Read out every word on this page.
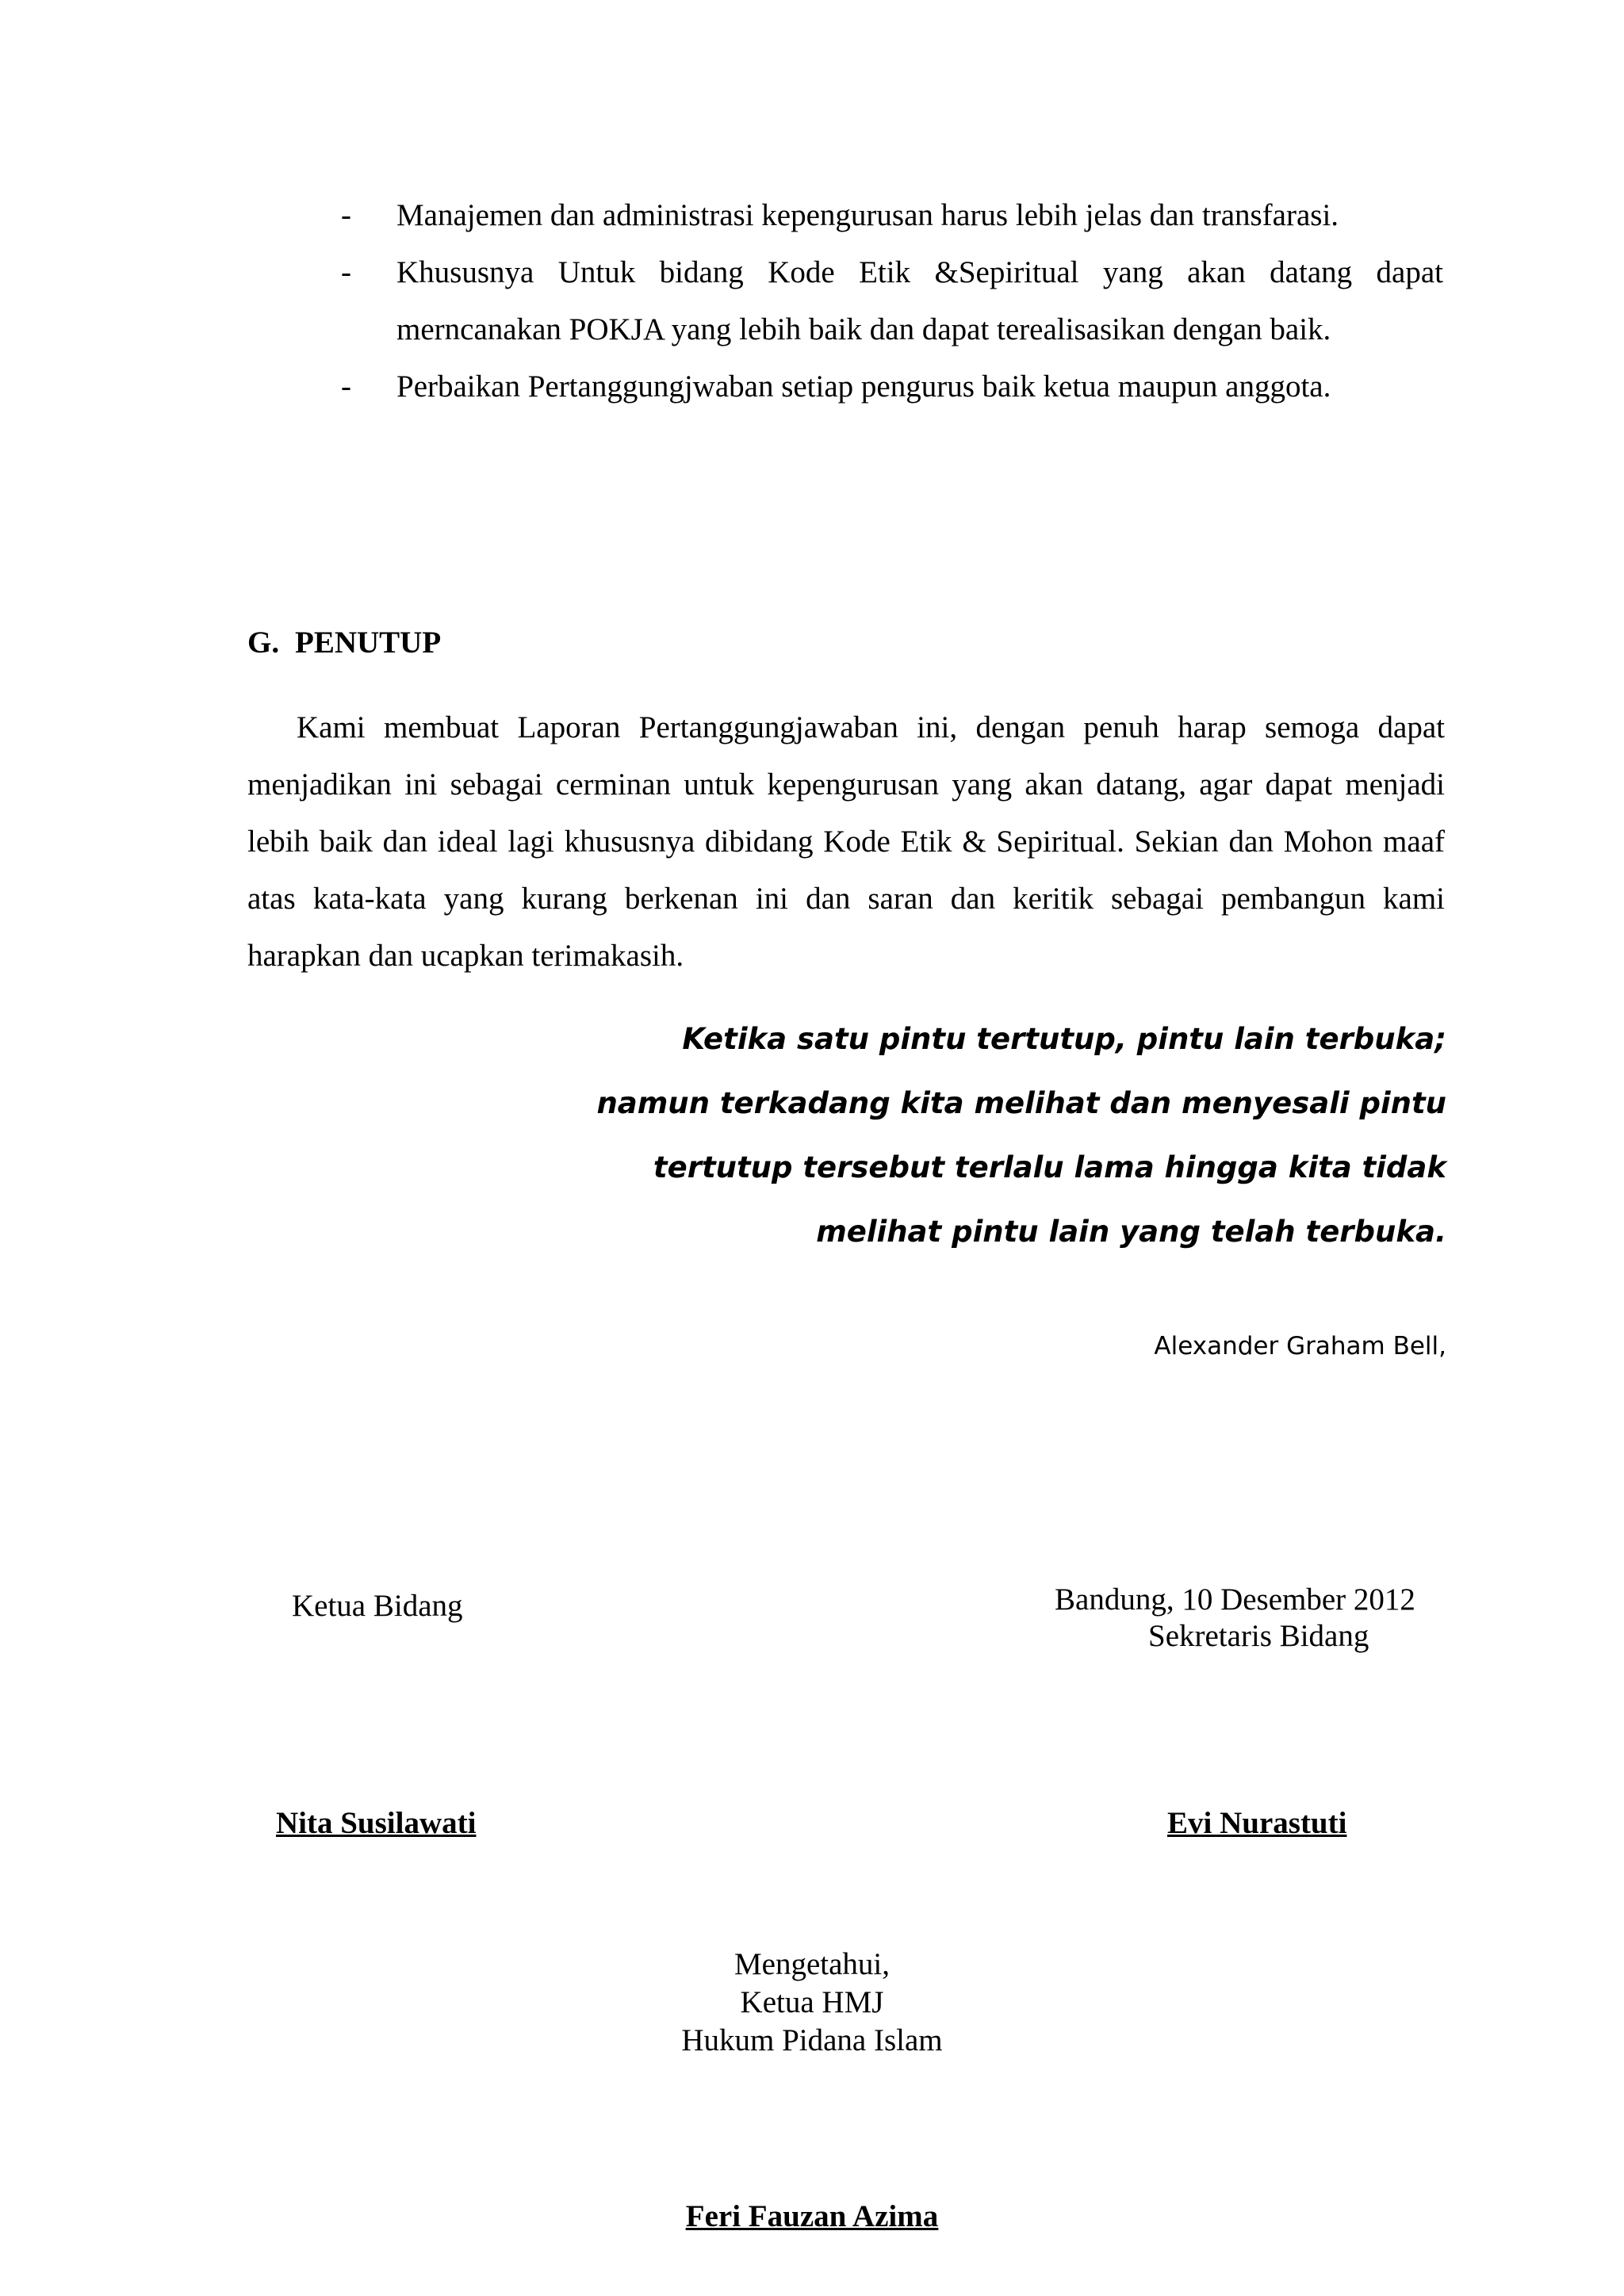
- Manajemen dan administrasi kepengurusan harus lebih jelas dan transfarasi.
- Khususnya Untuk bidang Kode Etik &Sepiritual yang akan datang dapat merncanakan POKJA yang lebih baik dan dapat terealisasikan dengan baik.
- Perbaikan Pertanggungjwaban setiap pengurus baik ketua maupun anggota.
G. PENUTUP

Kami membuat Laporan Pertanggungjawaban ini, dengan penuh harap semoga dapat menjadikan ini sebagai cerminan untuk kepengurusan yang akan datang, agar dapat menjadi lebih baik dan ideal lagi khususnya dibidang Kode Etik & Sepiritual. Sekian dan Mohon maaf atas kata-kata yang kurang berkenan ini dan saran dan keritik sebagai pembangun kami harapkan dan ucapkan terimakasih.

Ketika satu pintu tertutup, pintu lain terbuka;
namun terkadang kita melihat dan menyesali pintu
tertutup tersebut terlalu lama hingga kita tidak
melihat pintu lain yang telah terbuka.

Alexander Graham Bell,

Ketua Bidang	Bandung, 10 Desember 2012

Sekretaris Bidang

Nita Susilawati	Evi Nurastuti

Mengetahui,
Ketua HMJ
Hukum Pidana Islam

Feri Fauzan Azima
